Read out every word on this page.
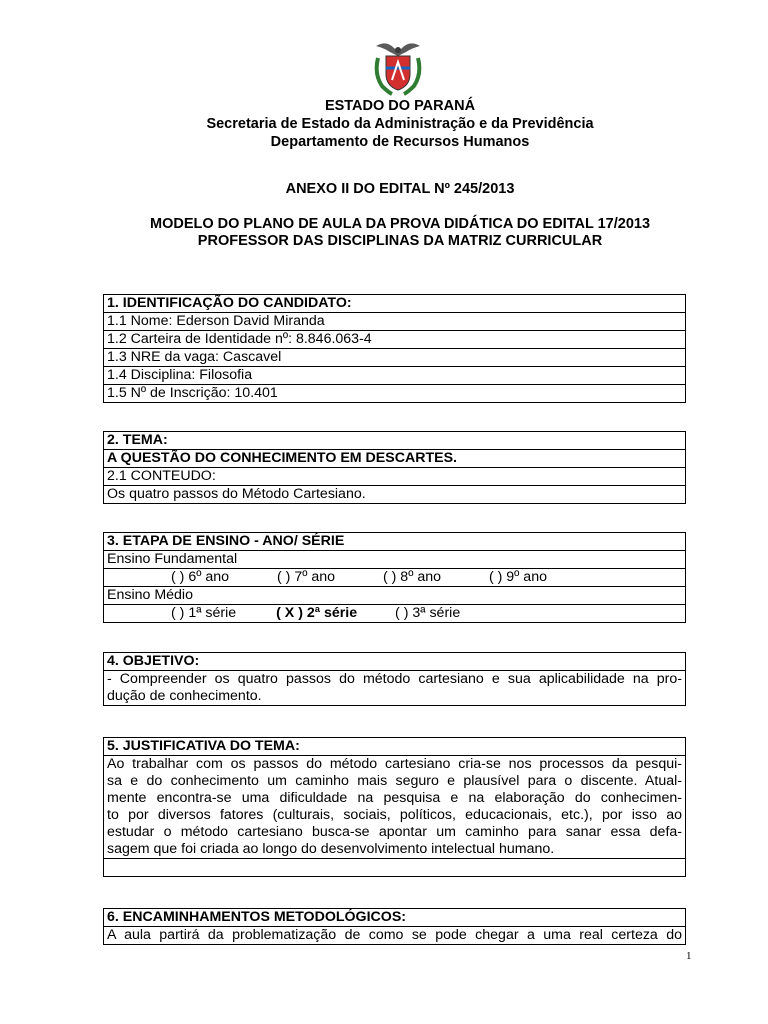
ESTADO DO PARANÁ
Secretaria de Estado da Administração e da Previdência
Departamento de Recursos Humanos
ANEXO II DO EDITAL Nº 245/2013
MODELO DO PLANO DE AULA DA PROVA DIDÁTICA DO EDITAL 17/2013
PROFESSOR DAS DISCIPLINAS DA MATRIZ CURRICULAR
1. IDENTIFICAÇÃO DO CANDIDATO:
1.1 Nome: Ederson David Miranda
1.2 Carteira de Identidade nº: 8.846.063-4
1.3 NRE da vaga: Cascavel
1.4 Disciplina: Filosofia
1.5 Nº de Inscrição: 10.401
2. TEMA:
A QUESTÃO DO CONHECIMENTO EM DESCARTES.
2.1 CONTEUDO:
Os quatro passos do Método Cartesiano.
3. ETAPA DE ENSINO - ANO/ SÉRIE
Ensino Fundamental
( ) 6º ano	( ) 7º ano	( ) 8º ano	( ) 9º ano
Ensino Médio
( ) 1ª série	( X ) 2ª série	( ) 3ª série
4. OBJETIVO:
- Compreender os quatro passos do método cartesiano e sua aplicabilidade na pro-
dução de conhecimento.
5. JUSTIFICATIVA DO TEMA:
Ao trabalhar com os passos do método cartesiano cria-se nos processos da pesqui-
sa e do conhecimento um caminho mais seguro e plausível para o discente. Atual-
mente encontra-se uma dificuldade na pesquisa e na elaboração do conhecimen-
to por diversos fatores (culturais, sociais, políticos, educacionais, etc.), por isso ao
estudar o método cartesiano busca-se apontar um caminho para sanar essa defa-
sagem que foi criada ao longo do desenvolvimento intelectual humano.
6. ENCAMINHAMENTOS METODOLÓGICOS:
A aula partirá da problematização de como se pode chegar a uma real certeza do
1
